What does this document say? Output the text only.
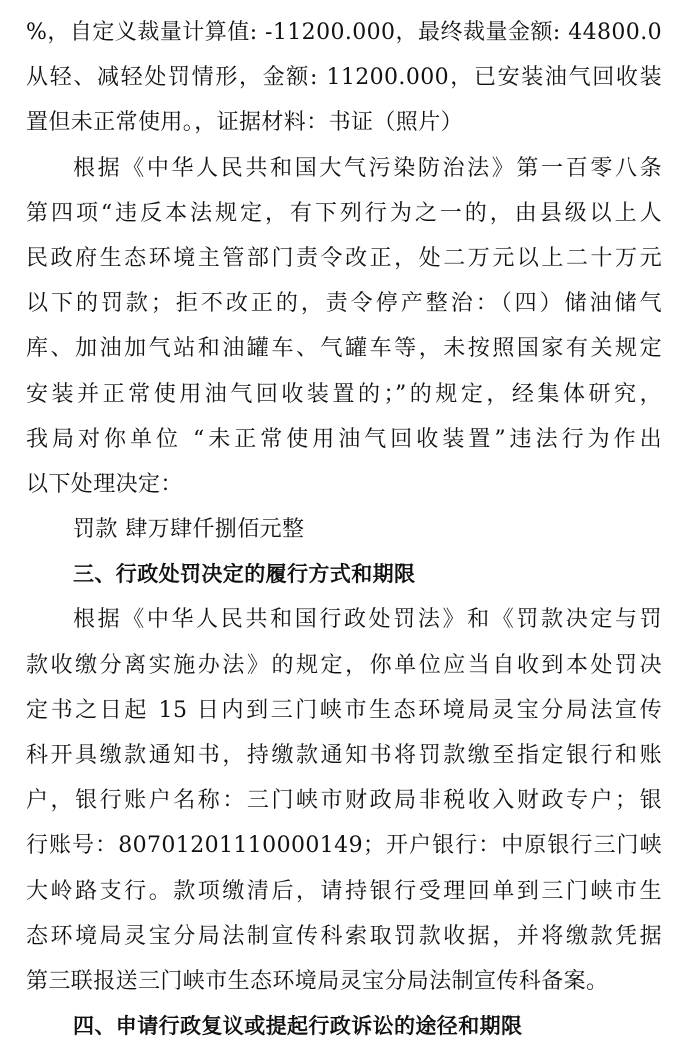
%，自定义裁量计算值: -11200.000，最终裁量金额: 44800.0
从轻、减轻处罚情形，金额: 11200.000，已安装油气回收装
置但未正常使用。，证据材料：书证（照片）
根据《中华人民共和国大气污染防治法》第一百零八条
第四项“违反本法规定，有下列行为之一的，由县级以上人
民政府生态环境主管部门责令改正，处二万元以上二十万元
以下的罚款；拒不改正的，责令停产整治：（四）储油储气
库、加油加气站和油罐车、气罐车等，未按照国家有关规定
安装并正常使用油气回收装置的；”的规定，经集体研究，
我局对你单位 “未正常使用油气回收装置”违法行为作出
以下处理决定：
罚款 肆万肆仟捌佰元整
三、行政处罚决定的履行方式和期限
根据《中华人民共和国行政处罚法》和《罚款决定与罚
款收缴分离实施办法》的规定，你单位应当自收到本处罚决
定书之日起 15 日内到三门峡市生态环境局灵宝分局法宣传
科开具缴款通知书，持缴款通知书将罚款缴至指定银行和账
户，银行账户名称：三门峡市财政局非税收入财政专户；银
行账号：80701201110000149；开户银行：中原银行三门峡
大岭路支行。款项缴清后，请持银行受理回单到三门峡市生
态环境局灵宝分局法制宣传科索取罚款收据，并将缴款凭据
第三联报送三门峡市生态环境局灵宝分局法制宣传科备案。
四、申请行政复议或提起行政诉讼的途径和期限
